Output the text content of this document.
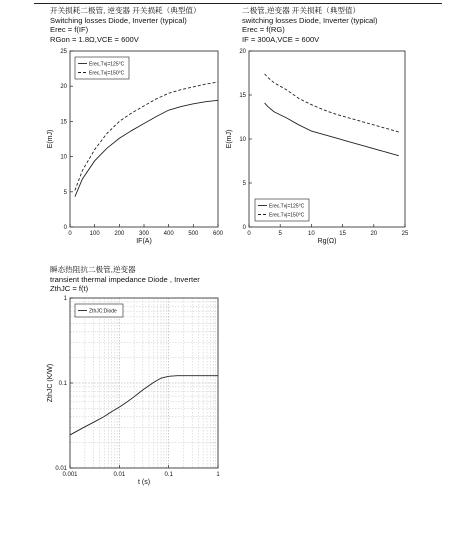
开关损耗二极管, 逆变器 开关损耗（典型值）
Switching losses Diode, Inverter (typical)
Erec = f(IF)
RGon = 1.8Ω,VCE = 600V
二极管,逆变器 开关损耗（典型值）
switching losses Diode, Inverter (typical)
Erec = f(RG)
IF = 300A,VCE = 600V
瞬态热阻抗二极管,逆变器
transient thermal impedance Diode , Inverter
ZthJC = f(t)
0	100 200 300 400 500 600
0
5
10
15
20
25
IF(A)
E(mJ)
Erec,Tvj=125°C
Erec,Tvj=150°C
0	5	10	15	20	25
0
5
10
15
20
Rg(Ω)
E(mJ)
Erec,Tvj=125°C
Erec,Tvj=150°C
0.001	0.01	0.1	1
0.01
0.1
1
t (s)
ZthJC (K/W)
ZthJC:Diode
